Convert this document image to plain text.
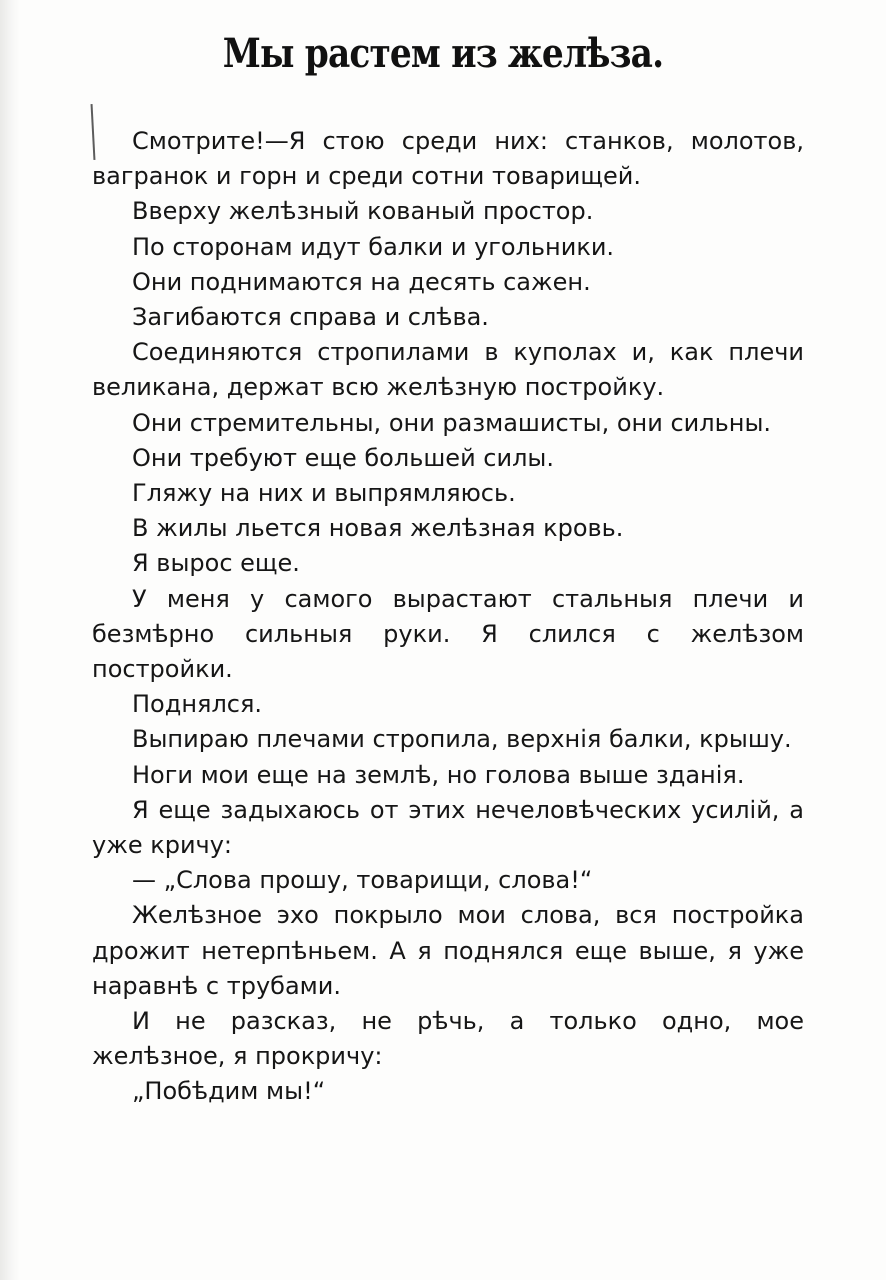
Мы растем из желѣза.

Смотрите!—Я стою среди них: станков, молотов, вагранок и горн и среди сотни товарищей.

Вверху желѣзный кованый простор.

По сторонам идут балки и угольники.

Они поднимаются на десять сажен.

Загибаются справа и слѣва.

Соединяются стропилами в куполах и, как плечи великана, держат всю желѣзную постройку.

Они стремительны, они размашисты, они сильны.

Они требуют еще большей силы.

Гляжу на них и выпрямляюсь.

В жилы льется новая желѣзная кровь.

Я вырос еще.

У меня у самого вырастают стальныя плечи и безмѣрно сильныя руки. Я слился с желѣзом постройки.

Поднялся.

Выпираю плечами стропила, верхнія балки, крышу.

Ноги мои еще на землѣ, но голова выше зданія.

Я еще задыхаюсь от этих нечеловѣческих усилій, а уже кричу:

— „Слова прошу, товарищи, слова!“

Желѣзное эхо покрыло мои слова, вся постройка дрожит нетерпѣньем. А я поднялся еще выше, я уже наравнѣ с трубами.

И не разсказ, не рѣчь, а только одно, мое желѣзное, я прокричу:

„Побѣдим мы!“
